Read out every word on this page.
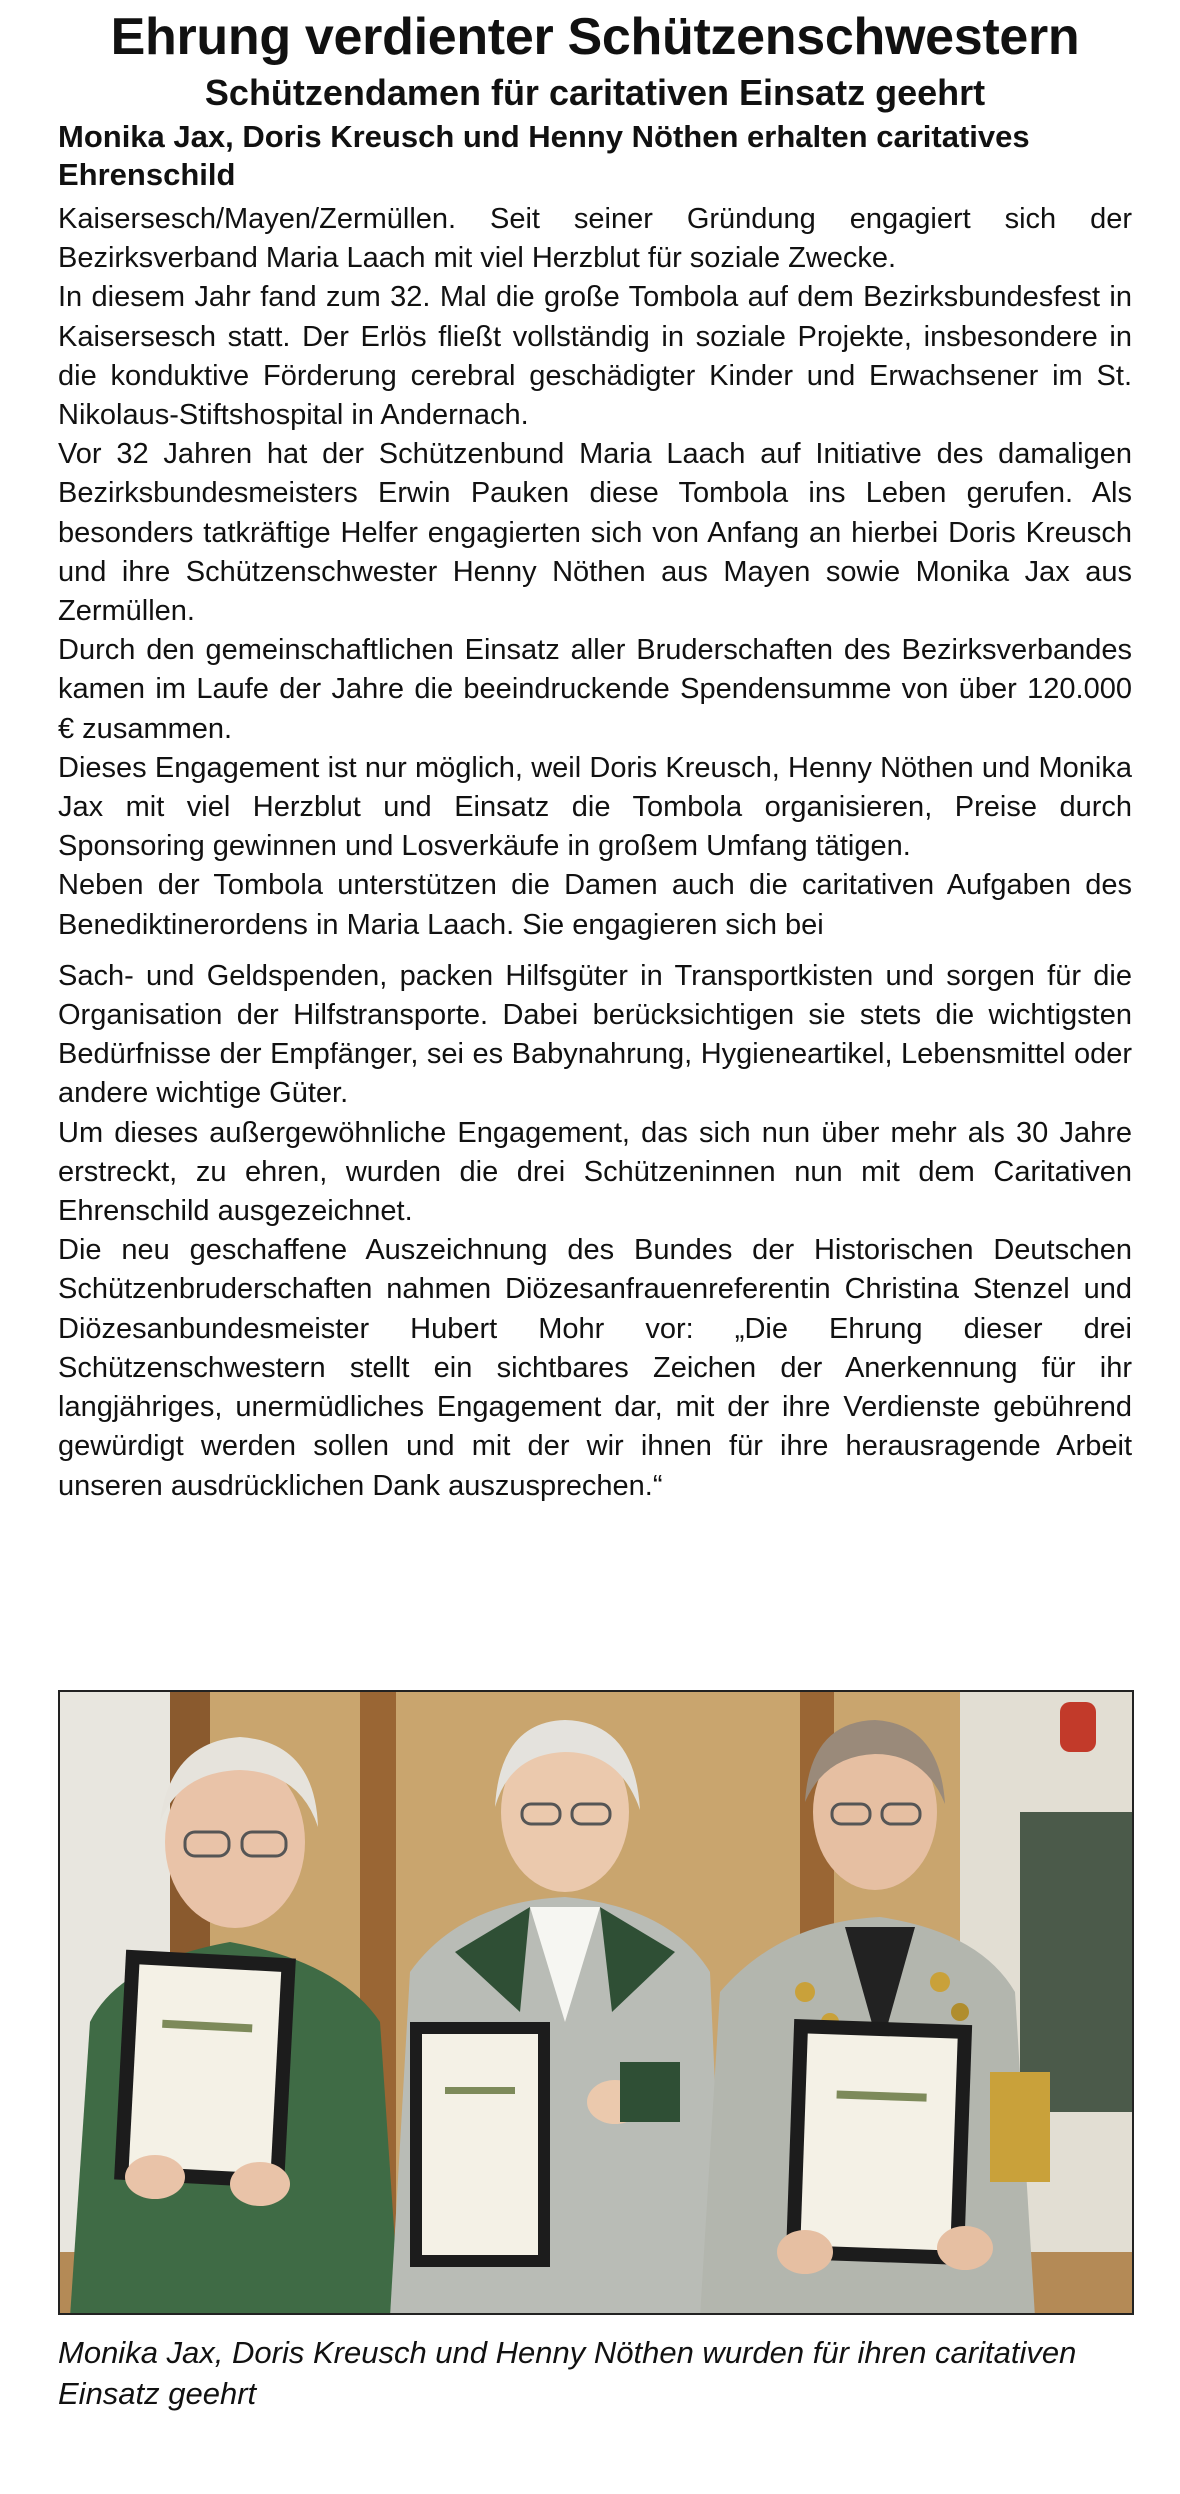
Ehrung verdienter Schützenschwestern
Schützendamen für caritativen Einsatz geehrt
Monika Jax, Doris Kreusch und Henny Nöthen erhalten caritatives Ehrenschild

Kaisersesch/Mayen/Zermüllen. Seit seiner Gründung engagiert sich der Bezirksverband Maria Laach mit viel Herzblut für soziale Zwecke.

In diesem Jahr fand zum 32. Mal die große Tombola auf dem Bezirksbundesfest in Kaisersesch statt. Der Erlös fließt vollständig in soziale Projekte, insbesondere in die konduktive Förderung cerebral geschädigter Kinder und Erwachsener im St. Nikolaus-Stiftshospital in Andernach.

Vor 32 Jahren hat der Schützenbund Maria Laach auf Initiative des damaligen Bezirksbundesmeisters Erwin Pauken diese Tombola ins Leben gerufen. Als besonders tatkräftige Helfer engagierten sich von Anfang an hierbei Doris Kreusch und ihre Schützenschwester Henny Nöthen aus Mayen sowie Monika Jax aus Zermüllen.

Durch den gemeinschaftlichen Einsatz aller Bruderschaften des Bezirksverbandes kamen im Laufe der Jahre die beeindruckende Spendensumme von über 120.000 € zusammen.

Dieses Engagement ist nur möglich, weil Doris Kreusch, Henny Nöthen und Monika Jax mit viel Herzblut und Einsatz die Tombola organisieren, Preise durch Sponsoring gewinnen und Losverkäufe in großem Umfang tätigen.

Neben der Tombola unterstützen die Damen auch die caritativen Aufgaben des Benediktinerordens in Maria Laach. Sie engagieren sich bei

Sach- und Geldspenden, packen Hilfsgüter in Transportkisten und sorgen für die Organisation der Hilfstransporte. Dabei berücksichtigen sie stets die wichtigsten Bedürfnisse der Empfänger, sei es Babynahrung, Hygieneartikel, Lebensmittel oder andere wichtige Güter.

Um dieses außergewöhnliche Engagement, das sich nun über mehr als 30 Jahre erstreckt, zu ehren, wurden die drei Schützeninnen nun mit dem Caritativen Ehrenschild ausgezeichnet.

Die neu geschaffene Auszeichnung des Bundes der Historischen Deutschen Schützenbruderschaften nahmen Diözesanfrauenreferentin Christina Stenzel und Diözesanbundesmeister Hubert Mohr vor: „Die Ehrung dieser drei Schützenschwestern stellt ein sichtbares Zeichen der Anerkennung für ihr langjähriges, unermüdliches Engagement dar, mit der ihre Verdienste gebührend gewürdigt werden sollen und mit der wir ihnen für ihre herausragende Arbeit unseren ausdrücklichen Dank auszusprechen.“

Monika Jax, Doris Kreusch und Henny Nöthen wurden für ihren caritativen Einsatz geehrt
